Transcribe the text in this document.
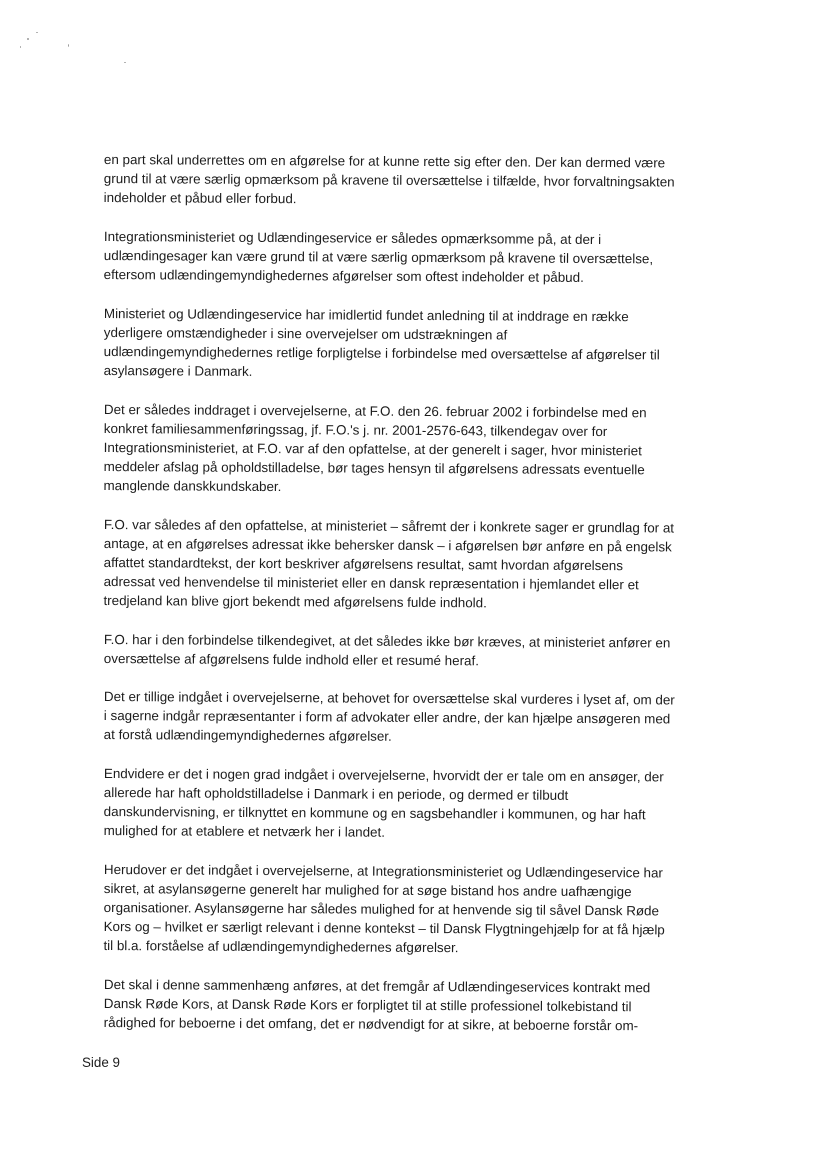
en part skal underrettes om en afgørelse for at kunne rette sig efter den. Der kan dermed være grund til at være særlig opmærksom på kravene til oversættelse i tilfælde, hvor forvaltningsakten indeholder et påbud eller forbud.

Integrationsministeriet og Udlændingeservice er således opmærksomme på, at der i udlændingesager kan være grund til at være særlig opmærksom på kravene til oversættelse, eftersom udlændingemyndighedernes afgørelser som oftest indeholder et påbud.

Ministeriet og Udlændingeservice har imidlertid fundet anledning til at inddrage en række yderligere omstændigheder i sine overvejelser om udstrækningen af udlændingemyndighedernes retlige forpligtelse i forbindelse med oversættelse af afgørelser til asylansøgere i Danmark.

Det er således inddraget i overvejelserne, at F.O. den 26. februar 2002 i forbindelse med en konkret familiesammenføringssag, jf. F.O.'s j. nr. 2001-2576-643, tilkendegav over for Integrationsministeriet, at F.O. var af den opfattelse, at der generelt i sager, hvor ministeriet meddeler afslag på opholdstilladelse, bør tages hensyn til afgørelsens adressats eventuelle manglende danskkundskaber.

F.O. var således af den opfattelse, at ministeriet – såfremt der i konkrete sager er grundlag for at antage, at en afgørelses adressat ikke behersker dansk – i afgørelsen bør anføre en på engelsk affattet standardtekst, der kort beskriver afgørelsens resultat, samt hvordan afgørelsens adressat ved henvendelse til ministeriet eller en dansk repræsentation i hjemlandet eller et tredjeland kan blive gjort bekendt med afgørelsens fulde indhold.

F.O. har i den forbindelse tilkendegivet, at det således ikke bør kræves, at ministeriet anfører en oversættelse af afgørelsens fulde indhold eller et resumé heraf.

Det er tillige indgået i overvejelserne, at behovet for oversættelse skal vurderes i lyset af, om der i sagerne indgår repræsentanter i form af advokater eller andre, der kan hjælpe ansøgeren med at forstå udlændingemyndighedernes afgørelser.

Endvidere er det i nogen grad indgået i overvejelserne, hvorvidt der er tale om en ansøger, der allerede har haft opholdstilladelse i Danmark i en periode, og dermed er tilbudt danskundervisning, er tilknyttet en kommune og en sagsbehandler i kommunen, og har haft mulighed for at etablere et netværk her i landet.

Herudover er det indgået i overvejelserne, at Integrationsministeriet og Udlændingeservice har sikret, at asylansøgerne generelt har mulighed for at søge bistand hos andre uafhængige organisationer. Asylansøgerne har således mulighed for at henvende sig til såvel Dansk Røde Kors og – hvilket er særligt relevant i denne kontekst – til Dansk Flygtningehjælp for at få hjælp til bl.a. forståelse af udlændingemyndighedernes afgørelser.

Det skal i denne sammenhæng anføres, at det fremgår af Udlændingeservices kontrakt med Dansk Røde Kors, at Dansk Røde Kors er forpligtet til at stille professionel tolkebistand til rådighed for beboerne i det omfang, det er nødvendigt for at sikre, at beboerne forstår om-

Side 9
